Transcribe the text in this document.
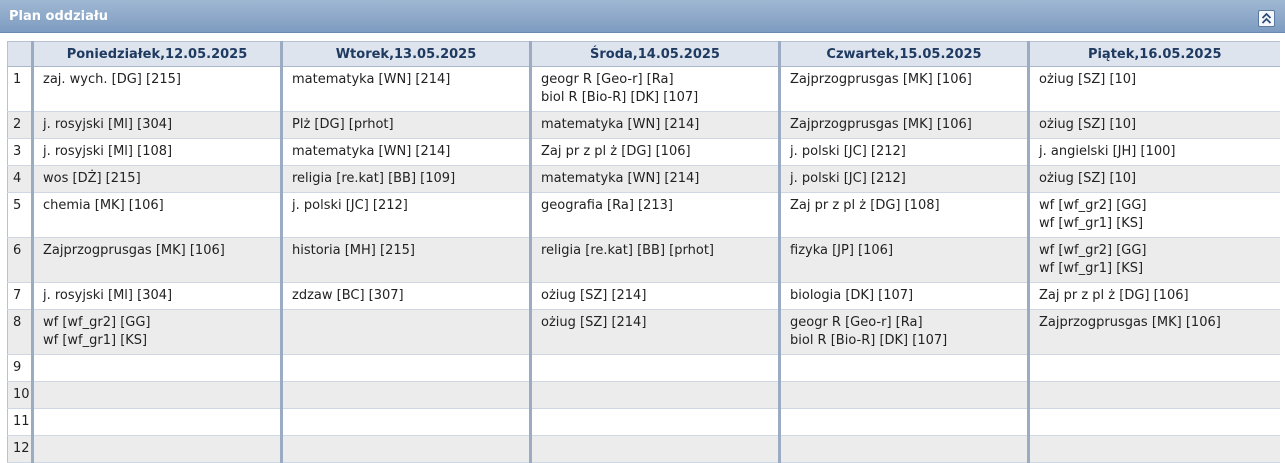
Plan oddziału
	Poniedziałek,12.05.2025	Wtorek,13.05.2025	Środa,14.05.2025	Czwartek,15.05.2025	Piątek,16.05.2025
1	zaj. wych. [DG] [215]	matematyka [WN] [214]	geogr R [Geo-r] [Ra]
biol R [Bio-R] [DK] [107]	Zajprzogprusgas [MK] [106]	ożiug [SZ] [10]

2	j. rosyjski [Ml] [304]	Plż [DG] [prhot]	matematyka [WN] [214]	Zajprzogprusgas [MK] [106]	ożiug [SZ] [10]

3	j. rosyjski [Ml] [108]	matematyka [WN] [214]	Zaj pr z pl ż [DG] [106]	j. polski [JC] [212]	j. angielski [JH] [100]

4	wos [DŻ] [215]	religia [re.kat] [BB] [109]	matematyka [WN] [214]	j. polski [JC] [212]	ożiug [SZ] [10]

5	chemia [MK] [106]	j. polski [JC] [212]	geografia [Ra] [213]	Zaj pr z pl ż [DG] [108]	wf [wf_gr2] [GG]
wf [wf_gr1] [KS]

6	Zajprzogprusgas [MK] [106]	historia [MH] [215]	religia [re.kat] [BB] [prhot]	fizyka [JP] [106]	wf [wf_gr2] [GG]
wf [wf_gr1] [KS]

7	j. rosyjski [Ml] [304]	zdzaw [BC] [307]	ożiug [SZ] [214]	biologia [DK] [107]	Zaj pr z pl ż [DG] [106]

8	wf [wf_gr2] [GG]
wf [wf_gr1] [KS]		ożiug [SZ] [214]	geogr R [Geo-r] [Ra]
biol R [Bio-R] [DK] [107]	Zajprzogprusgas [MK] [106]

9					
10					
11					
12					
